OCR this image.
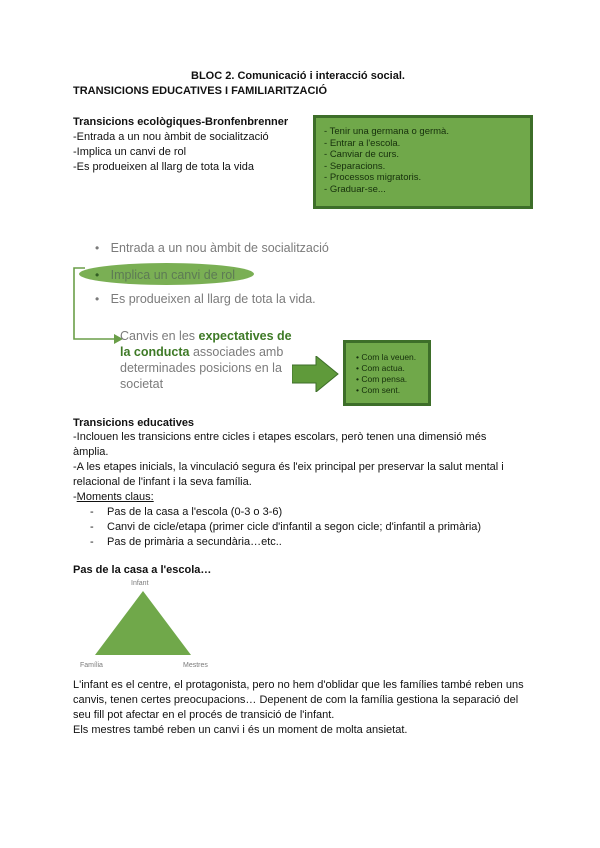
BLOC 2. Comunicació i interacció social.
TRANSICIONS EDUCATIVES I FAMILIARITZACIÓ
Transicions ecològiques-Bronfenbrenner
-Entrada a un nou àmbit de socialització
-Implica un canvi de rol
-Es produeixen al llarg de tota la vida
- Tenir una germana o germà.
- Entrar a l'escola.
- Canviar de curs.
- Separacions.
- Processos migratoris.
- Graduar-se...
• Entrada a un nou àmbit de socialització
• Implica un canvi de rol
• Es produeixen al llarg de tota la vida.
Canvis en les expectatives de
la conducta associades amb
determinades posicions en la
societat
• Com la veuen.
• Com actua.
• Com pensa.
• Com sent.
Transicions educatives
-Inclouen les transicions entre cicles i etapes escolars, però tenen una dimensió més àmplia.
-A les etapes inicials, la vinculació segura és l'eix principal per preservar la salut mental i relacional de l'infant i la seva família.
-Moments claus:
-	Pas de la casa a l'escola (0-3 o 3-6)
-	Canvi de cicle/etapa (primer cicle d'infantil a segon cicle; d'infantil a primària)
-	Pas de primària a secundària…etc..
Pas de la casa a l'escola…
Infant
Família	Mestres
L'infant es el centre, el protagonista, pero no hem d'oblidar que les famílies també reben uns canvis, tenen certes preocupacions… Depenent de com la família gestiona la separació del seu fill pot afectar en el procés de transició de l'infant.
Els mestres també reben un canvi i és un moment de molta ansietat.
